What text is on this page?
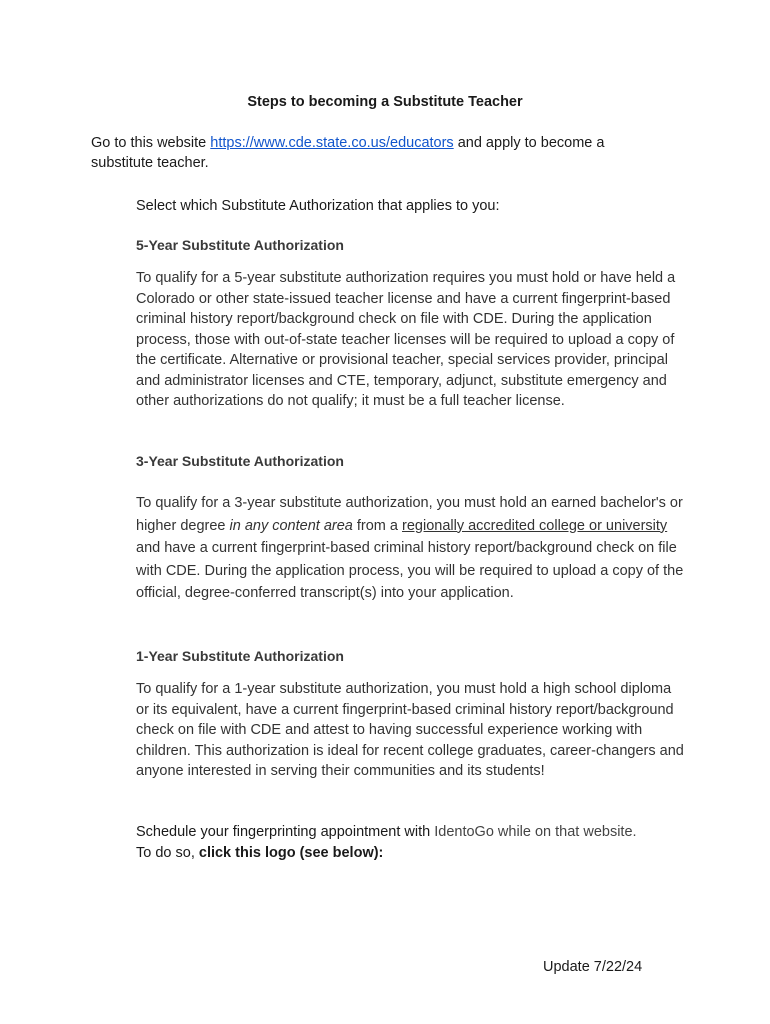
Steps to becoming a Substitute Teacher
Go to this website https://www.cde.state.co.us/educators and apply to become a substitute teacher.
Select which Substitute Authorization that applies to you:
5-Year Substitute Authorization
To qualify for a 5-year substitute authorization requires you must hold or have held a Colorado or other state-issued teacher license and have a current fingerprint-based criminal history report/background check on file with CDE. During the application process, those with out-of-state teacher licenses will be required to upload a copy of the certificate. Alternative or provisional teacher, special services provider, principal and administrator licenses and CTE, temporary, adjunct, substitute emergency and other authorizations do not qualify; it must be a full teacher license.
3-Year Substitute Authorization
To qualify for a 3-year substitute authorization, you must hold an earned bachelor's or higher degree in any content area from a regionally accredited college or university and have a current fingerprint-based criminal history report/background check on file with CDE. During the application process, you will be required to upload a copy of the official, degree-conferred transcript(s) into your application.
1-Year Substitute Authorization
To qualify for a 1-year substitute authorization, you must hold a high school diploma or its equivalent, have a current fingerprint-based criminal history report/background check on file with CDE and attest to having successful experience working with children. This authorization is ideal for recent college graduates, career-changers and anyone interested in serving their communities and its students!
Schedule your fingerprinting appointment with IdentoGo while on that website.
To do so, click this logo (see below):
Update 7/22/24
